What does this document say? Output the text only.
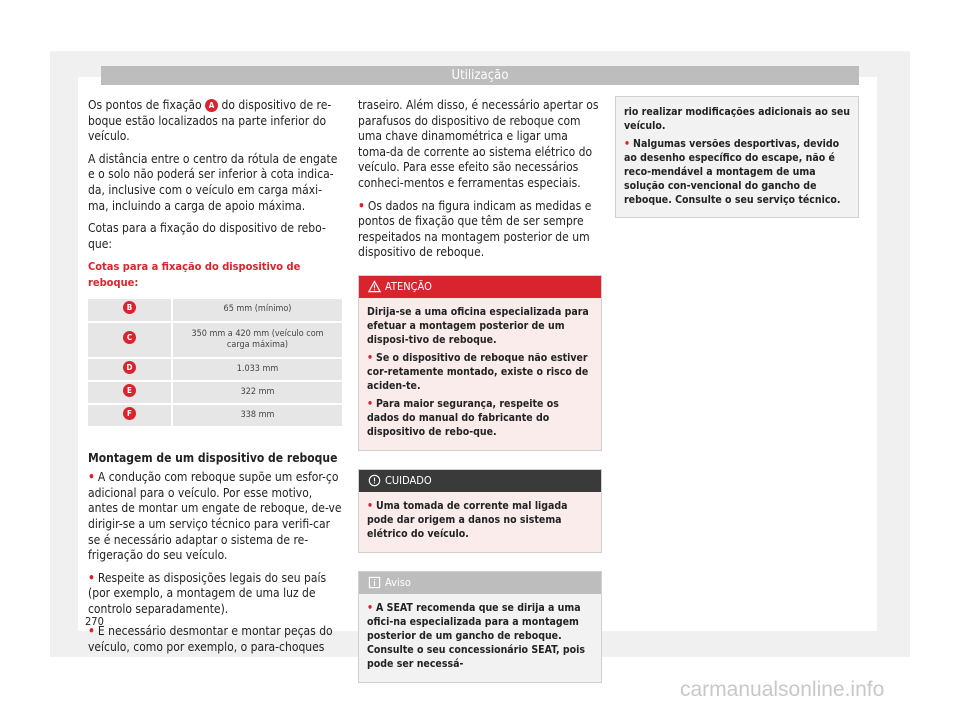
Utilização

Os pontos de fixação A do dispositivo de re-boque estão localizados na parte inferior do veículo.

A distância entre o centro da rótula de engate e o solo não poderá ser inferior à cota indica-da, inclusive com o veículo em carga máxi-ma, incluindo a carga de apoio máxima.

Cotas para a fixação do dispositivo de rebo-que:

Cotas para a fixação do dispositivo de reboque:
B	65 mm (mínimo)
C	350 mm a 420 mm (veículo com carga máxima)
D	1.033 mm
E	322 mm
F	338 mm
Montagem de um dispositivo de reboque

• A condução com reboque supõe um esfor-ço adicional para o veículo. Por esse motivo, antes de montar um engate de reboque, de-ve dirigir-se a um serviço técnico para verifi-car se é necessário adaptar o sistema de re-frigeração do seu veículo.

• Respeite as disposições legais do seu país (por exemplo, a montagem de uma luz de controlo separadamente).

• É necessário desmontar e montar peças do veículo, como por exemplo, o para-choques

traseiro. Além disso, é necessário apertar os parafusos do dispositivo de reboque com uma chave dinamométrica e ligar uma toma-da de corrente ao sistema elétrico do veículo. Para esse efeito são necessários conheci-mentos e ferramentas especiais.

• Os dados na figura indicam as medidas e pontos de fixação que têm de ser sempre respeitados na montagem posterior de um dispositivo de reboque.

ATENÇÃO

Dirija-se a uma oficina especializada para efetuar a montagem posterior de um disposi-tivo de reboque.

• Se o dispositivo de reboque não estiver cor-retamente montado, existe o risco de aciden-te.

• Para maior segurança, respeite os dados do manual do fabricante do dispositivo de rebo-que.

CUIDADO

• Uma tomada de corrente mal ligada pode dar origem a danos no sistema elétrico do veículo.

Aviso

• A SEAT recomenda que se dirija a uma ofici-na especializada para a montagem posterior de um gancho de reboque. Consulte o seu concessionário SEAT, pois pode ser necessá-

rio realizar modificações adicionais ao seu veículo.

• Nalgumas versões desportivas, devido ao desenho específico do escape, não é reco-mendável a montagem de uma solução con-vencional do gancho de reboque. Consulte o seu serviço técnico.

270
carmanualsonline.info
